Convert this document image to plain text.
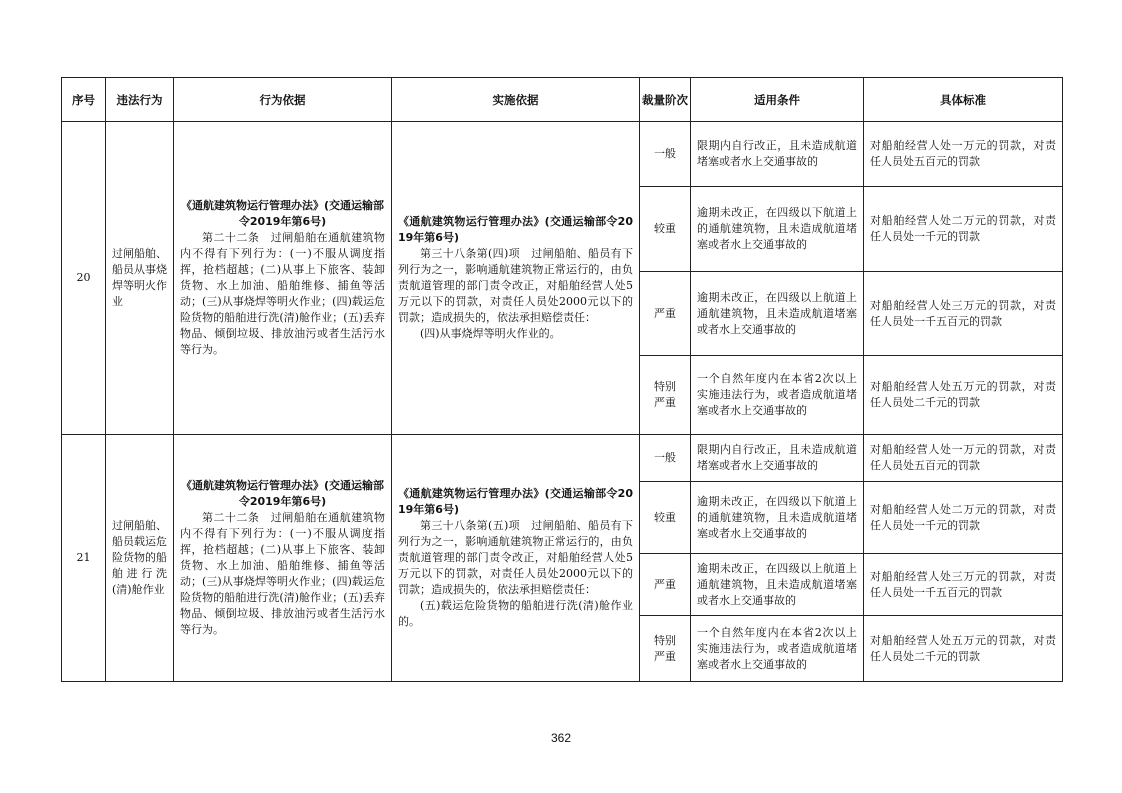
序号	违法行为	行为依据	实施依据	裁量阶次	适用条件	具体标准
20	过闸船舶、船员从事烧焊等明火作业	《通航建筑物运行管理办法》(交通运输部令2019年第6号)
第二十二条　过闸船舶在通航建筑物内不得有下列行为：(一)不服从调度指挥，抢档超越；(二)从事上下旅客、装卸货物、水上加油、船舶维修、捕鱼等活动；(三)从事烧焊等明火作业；(四)载运危险货物的船舶进行洗(清)舱作业；(五)丢弃物品、倾倒垃圾、排放油污或者生活污水等行为。	《通航建筑物运行管理办法》(交通运输部令2019年第6号)
第三十八条第(四)项　过闸船舶、船员有下列行为之一，影响通航建筑物正常运行的，由负责航道管理的部门责令改正，对船舶经营人处5万元以下的罚款，对责任人员处2000元以下的罚款；造成损失的，依法承担赔偿责任：
(四)从事烧焊等明火作业的。	一般	限期内自行改正，且未造成航道堵塞或者水上交通事故的	对船舶经营人处一万元的罚款，对责任人员处五百元的罚款
				较重	逾期未改正，在四级以下航道上的通航建筑物，且未造成航道堵塞或者水上交通事故的	对船舶经营人处二万元的罚款，对责任人员处一千元的罚款
				严重	逾期未改正，在四级以上航道上通航建筑物，且未造成航道堵塞或者水上交通事故的	对船舶经营人处三万元的罚款，对责任人员处一千五百元的罚款
				特别严重	一个自然年度内在本省2次以上实施违法行为，或者造成航道堵塞或者水上交通事故的	对船舶经营人处五万元的罚款，对责任人员处二千元的罚款
21	过闸船舶、船员载运危险货物的船舶进行洗(清)舱作业	《通航建筑物运行管理办法》(交通运输部令2019年第6号)
第二十二条　过闸船舶在通航建筑物内不得有下列行为：(一)不服从调度指挥，抢档超越；(二)从事上下旅客、装卸货物、水上加油、船舶维修、捕鱼等活动；(三)从事烧焊等明火作业；(四)载运危险货物的船舶进行洗(清)舱作业；(五)丢弃物品、倾倒垃圾、排放油污或者生活污水等行为。	《通航建筑物运行管理办法》(交通运输部令2019年第6号)
第三十八条第(五)项　过闸船舶、船员有下列行为之一，影响通航建筑物正常运行的，由负责航道管理的部门责令改正，对船舶经营人处5万元以下的罚款，对责任人员处2000元以下的罚款；造成损失的，依法承担赔偿责任：
(五)载运危险货物的船舶进行洗(清)舱作业的。	一般	限期内自行改正，且未造成航道堵塞或者水上交通事故的	对船舶经营人处一万元的罚款，对责任人员处五百元的罚款
				较重	逾期未改正，在四级以下航道上的通航建筑物，且未造成航道堵塞或者水上交通事故的	对船舶经营人处二万元的罚款，对责任人员处一千元的罚款
				严重	逾期未改正，在四级以上航道上通航建筑物，且未造成航道堵塞或者水上交通事故的	对船舶经营人处三万元的罚款，对责任人员处一千五百元的罚款
				特别严重	一个自然年度内在本省2次以上实施违法行为，或者造成航道堵塞或者水上交通事故的	对船舶经营人处五万元的罚款，对责任人员处二千元的罚款
362
